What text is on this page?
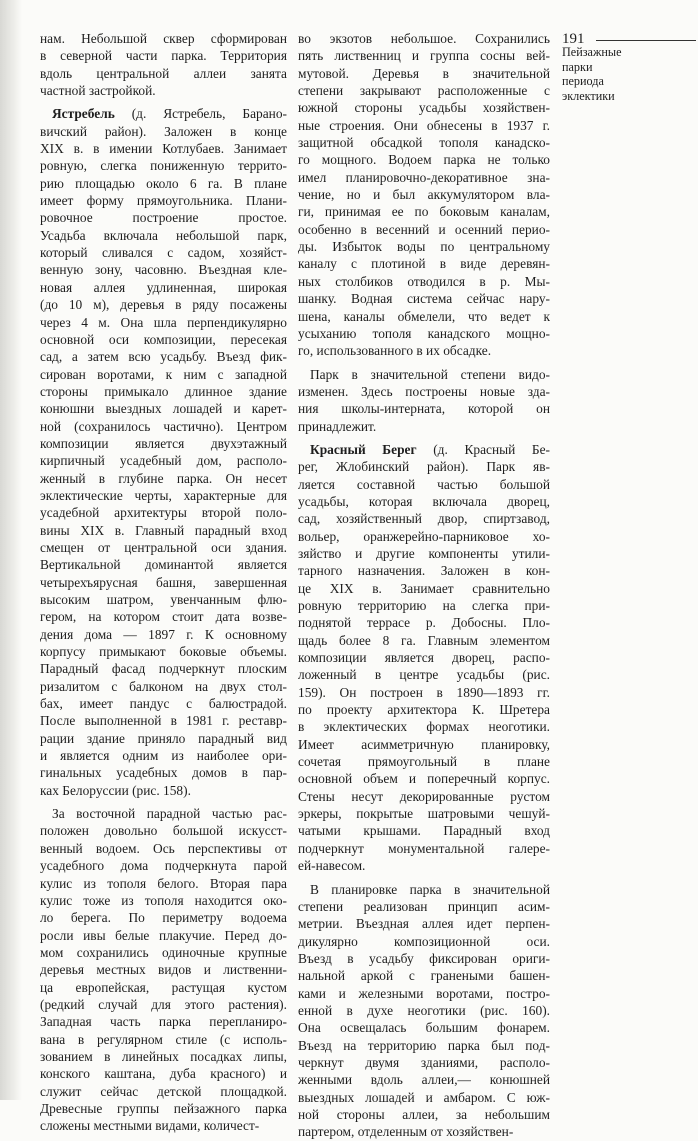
нам. Небольшой сквер сформирован
в северной части парка. Территория
вдоль центральной аллеи занята
частной застройкой.
Ястребель (д. Ястребель, Барано-
вичский район). Заложен в конце
XIX в. в имении Котлубаев. Занимает
ровную, слегка пониженную террито-
рию площадью около 6 га. В плане
имеет форму прямоугольника. Плани-
ровочное построение простое.
Усадьба включала небольшой парк,
который сливался с садом, хозяйст-
венную зону, часовню. Въездная кле-
новая аллея удлиненная, широкая
(до 10 м), деревья в ряду посажены
через 4 м. Она шла перпендикулярно
основной оси композиции, пересекая
сад, а затем всю усадьбу. Въезд фик-
сирован воротами, к ним с западной
стороны примыкало длинное здание
конюшни выездных лошадей и карет-
ной (сохранилось частично). Центром
композиции является двухэтажный
кирпичный усадебный дом, располо-
женный в глубине парка. Он несет
эклектические черты, характерные для
усадебной архитектуры второй поло-
вины XIX в. Главный парадный вход
смещен от центральной оси здания.
Вертикальной доминантой является
четырехъярусная башня, завершенная
высоким шатром, увенчанным флю-
гером, на котором стоит дата возве-
дения дома — 1897 г. К основному
корпусу примыкают боковые объемы.
Парадный фасад подчеркнут плоским
ризалитом с балконом на двух стол-
бах, имеет пандус с балюстрадой.
После выполненной в 1981 г. реставр-
рации здание приняло парадный вид
и является одним из наиболее ори-
гинальных усадебных домов в пар-
ках Белоруссии (рис. 158).
За восточной парадной частью рас-
положен довольно большой искусст-
венный водоем. Ось перспективы от
усадебного дома подчеркнута парой
кулис из тополя белого. Вторая пара
кулис тоже из тополя находится око-
ло берега. По периметру водоема
росли ивы белые плакучие. Перед до-
мом сохранились одиночные крупные
деревья местных видов и лиственни-
ца европейская, растущая кустом
(редкий случай для этого растения).
Западная часть парка перепланиро-
вана в регулярном стиле (с исполь-
зованием в линейных посадках липы,
конского каштана, дуба красного) и
служит сейчас детской площадкой.
Древесные группы пейзажного парка
сложены местными видами, количест-
во экзотов небольшое. Сохранились
пять лиственниц и группа сосны вей-
мутовой. Деревья в значительной
степени закрывают расположенные с
южной стороны усадьбы хозяйствен-
ные строения. Они обнесены в 1937 г.
защитной обсадкой тополя канадско-
го мощного. Водоем парка не только
имел планировочно-декоративное зна-
чение, но и был аккумулятором вла-
ги, принимая ее по боковым каналам,
особенно в весенний и осенний перио-
ды. Избыток воды по центральному
каналу с плотиной в виде деревян-
ных столбиков отводился в р. Мы-
шанку. Водная система сейчас нару-
шена, каналы обмелели, что ведет к
усыханию тополя канадского мощно-
го, использованного в их обсадке.
Парк в значительной степени видо-
изменен. Здесь построены новые зда-
ния школы-интерната, которой он
принадлежит.
Красный Берег (д. Красный Бе-
рег, Жлобинский район). Парк яв-
ляется составной частью большой
усадьбы, которая включала дворец,
сад, хозяйственный двор, спиртзавод,
вольер, оранжерейно-парниковое хо-
зяйство и другие компоненты утили-
тарного назначения. Заложен в кон-
це XIX в. Занимает сравнительно
ровную территорию на слегка при-
поднятой террасе р. Добосны. Пло-
щадь более 8 га. Главным элементом
композиции является дворец, распо-
ложенный в центре усадьбы (рис.
159). Он построен в 1890—1893 гг.
по проекту архитектора К. Шретера
в эклектических формах неоготики.
Имеет асимметричную планировку,
сочетая прямоугольный в плане
основной объем и поперечный корпус.
Стены несут декорированные рустом
эркеры, покрытые шатровыми чешуй-
чатыми крышами. Парадный вход
подчеркнут монументальной галере-
ей-навесом.
В планировке парка в значительной
степени реализован принцип асим-
метрии. Въездная аллея идет перпен-
дикулярно композиционной оси.
Въезд в усадьбу фиксирован ориги-
нальной аркой с гранеными башен-
ками и железными воротами, постро-
енной в духе неоготики (рис. 160).
Она освещалась большим фонарем.
Въезд на территорию парка был под-
черкнут двумя зданиями, располо-
женными вдоль аллеи,— конюшней
выездных лошадей и амбаром. С юж-
ной стороны аллеи, за небольшим
партером, отделенным от хозяйствен-
191
Пейзажные
парки
периода
эклектики
